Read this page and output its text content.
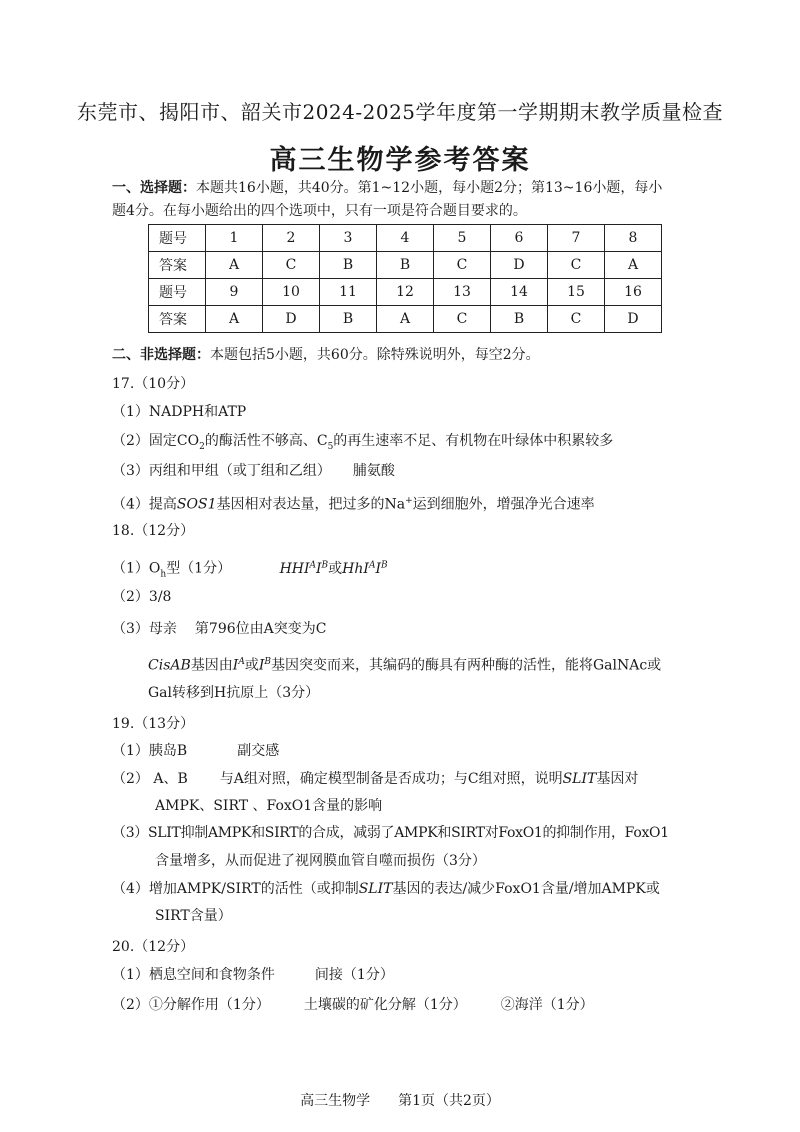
东莞市、揭阳市、韶关市2024-2025学年度第一学期期末教学质量检查
高三生物学参考答案
一、选择题：本题共16小题，共40分。第1~12小题，每小题2分；第13~16小题，每小
题4分。在每小题给出的四个选项中，只有一项是符合题目要求的。
题号	1	2	3	4	5	6	7	8
答案	A	C	B	B	C	D	C	A
题号	9	10	11	12	13	14	15	16
答案	A	D	B	A	C	B	C	D
二、非选择题：本题包括5小题，共60分。除特殊说明外，每空2分。
17.（10分）
（1）NADPH和ATP
（2）固定$CO_2$的酶活性不够高、$C_5$的再生速率不足、有机物在叶绿体中积累较多
（3）丙组和甲组（或丁组和乙组） 脯氨酸
（4）提高SOS1基因相对表达量，把过多的Na+运到细胞外，增强净光合速率
18.（12分）
$(1)O_h$型（1分）	$HHI^AI^B$或$HhI^AI^B$
（2）3/8
（3）母亲 第796位由A突变为C
CisAB基因由$I^A$或$I^B$基因突变而来，其编码的酶具有两种酶的活性，能将GalNAc或
Gal转移到H抗原上（3分）
19.（13分）
（1）胰岛B	副交感
（2） A、B 与A组对照，确定模型制备是否成功；与C组对照，说明SLIT基因对
AMPK、SIRT 、FoxO1含量的影响
（3）SLIT抑制AMPK和SIRT的合成，减弱了AMPK和SIRT对FoxO1的抑制作用，FoxO1
含量增多，从而促进了视网膜血管自噬而损伤（3分）
（4）增加AMPK/SIRT的活性（或抑制SLIT基因的表达/减少FoxO1含量/增加AMPK或
SIRT含量）
20.（12分）
（1）栖息空间和食物条件	间接（1分）
（2）①分解作用（1分） 土壤碳的矿化分解（1分） ②海洋（1分）
高三生物学 第1页（共2页）
